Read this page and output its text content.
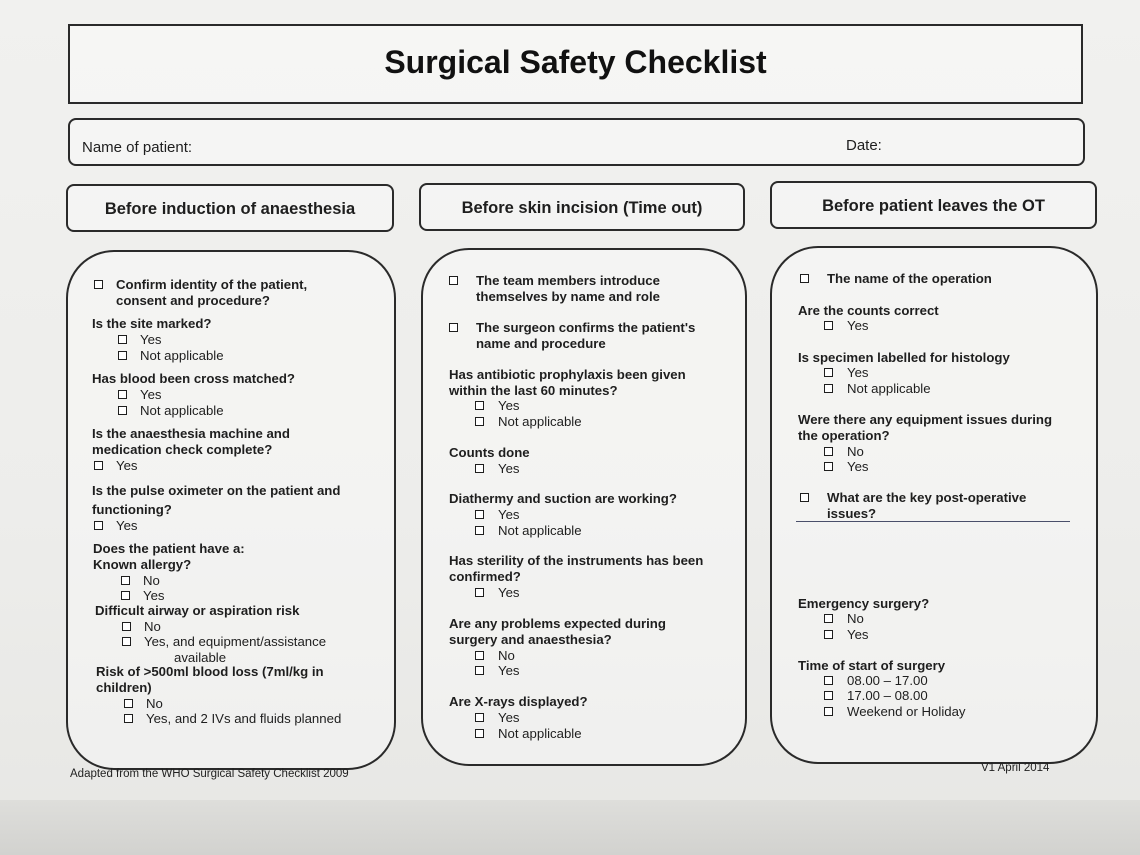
Surgical Safety Checklist
Name of patient:	Date:
Before induction of anaesthesia	Before skin incision (Time out)	Before patient leaves the OT
Confirm identity of the patient,
consent and procedure?
Is the site marked?
Yes
Not applicable
Has blood been cross matched?
Yes
Not applicable
Is the anaesthesia machine and
medication check complete?
Yes
Is the pulse oximeter on the patient and
functioning?
Yes
Does the patient have a:
Known allergy?
No
Yes
Difficult airway or aspiration risk
No
Yes, and equipment/assistance
available
Risk of >500ml blood loss (7ml/kg in
children)
No
Yes, and 2 IVs and fluids planned
The team members introduce
themselves by name and role
The surgeon confirms the patient's
name and procedure
Has antibiotic prophylaxis been given
within the last 60 minutes?
Yes
Not applicable
Counts done
Yes
Diathermy and suction are working?
Yes
Not applicable
Has sterility of the instruments has been
confirmed?
Yes
Are any problems expected during
surgery and anaesthesia?
No
Yes
Are X-rays displayed?
Yes
Not applicable
The name of the operation
Are the counts correct
Yes
Is specimen labelled for histology
Yes
Not applicable
Were there any equipment issues during
the operation?
No
Yes
What are the key post-operative
issues?
Emergency surgery?
No
Yes
Time of start of surgery
08.00 – 17.00
17.00 – 08.00
Weekend or Holiday
Adapted from the WHO Surgical Safety Checklist 2009	V1 April 2014
